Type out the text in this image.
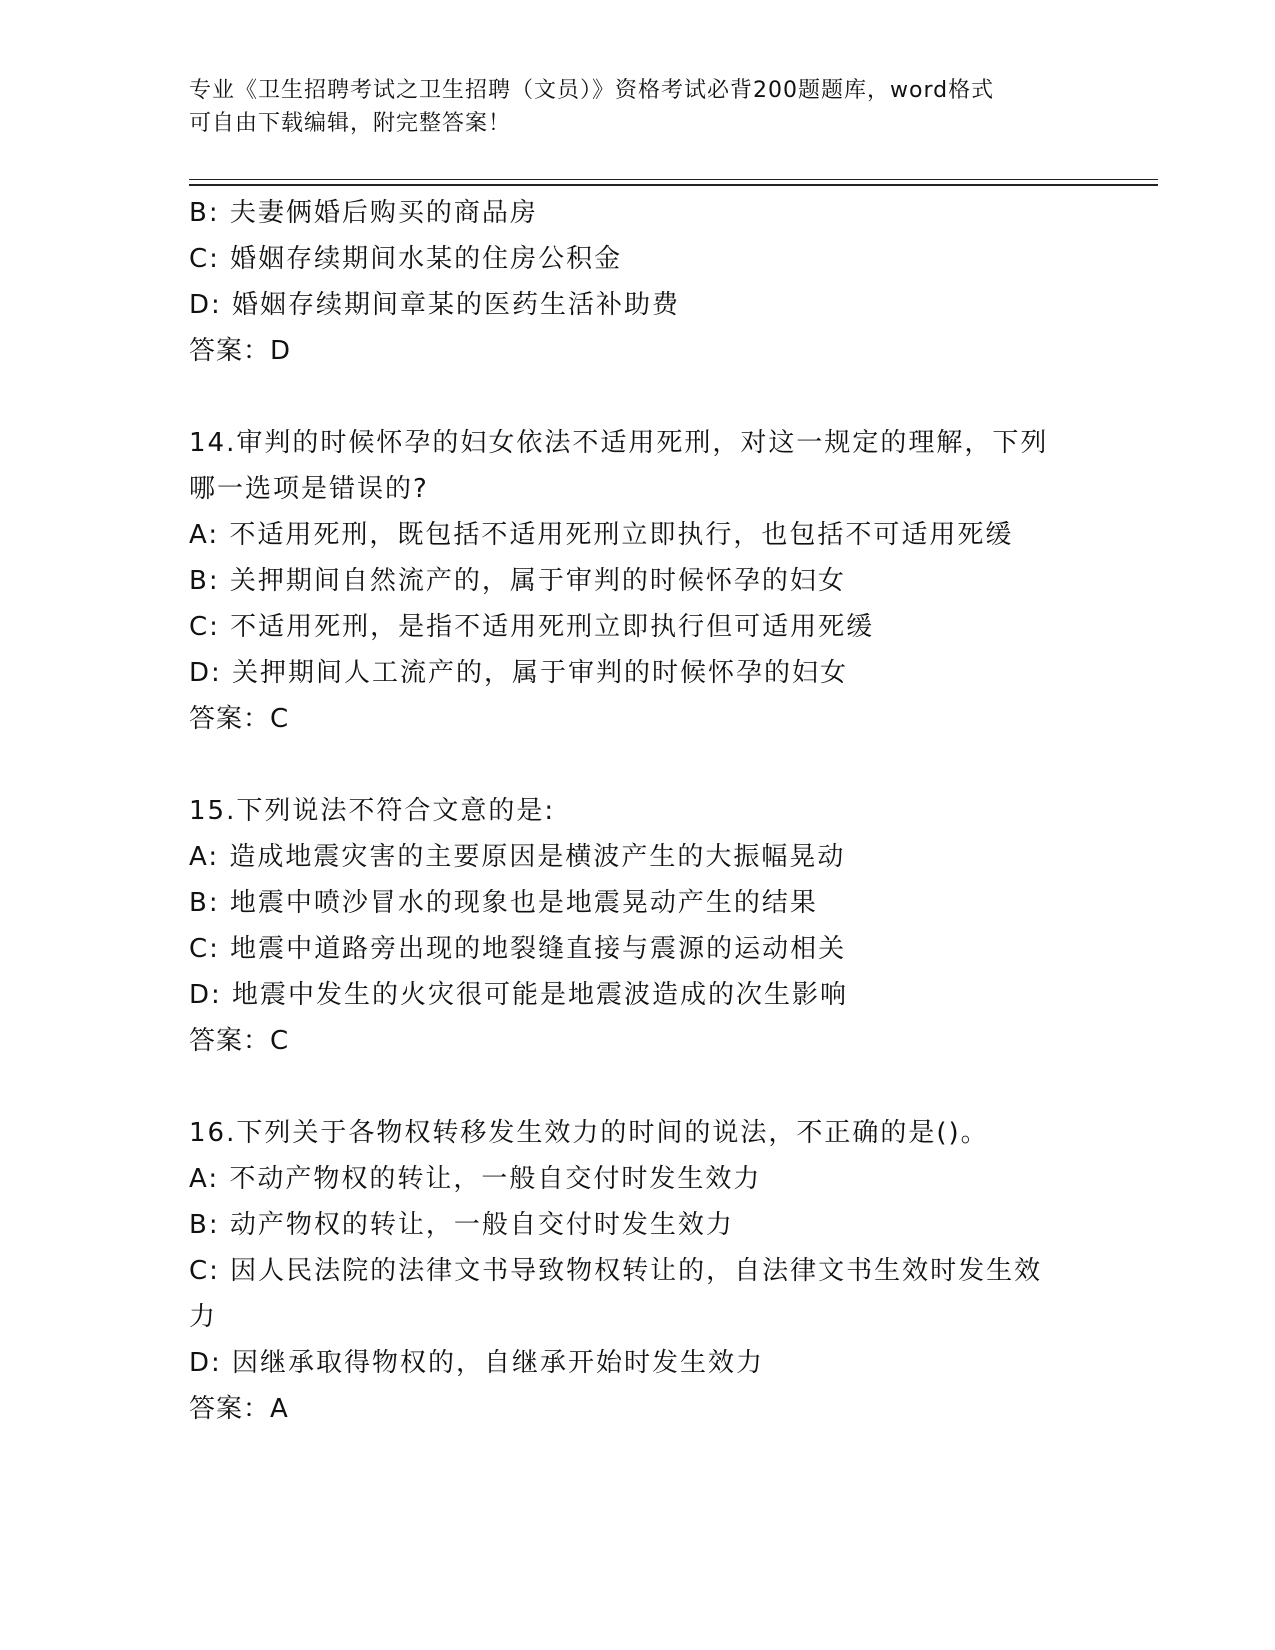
专业《卫生招聘考试之卫生招聘（文员）》资格考试必背200题题库，word格式
可自由下载编辑，附完整答案！
B: 夫妻俩婚后购买的商品房
C: 婚姻存续期间水某的住房公积金
D: 婚姻存续期间章某的医药生活补助费
答案：D
14.审判的时候怀孕的妇女依法不适用死刑，对这一规定的理解，下列
哪一选项是错误的?
A: 不适用死刑，既包括不适用死刑立即执行，也包括不可适用死缓
B: 关押期间自然流产的，属于审判的时候怀孕的妇女
C: 不适用死刑，是指不适用死刑立即执行但可适用死缓
D: 关押期间人工流产的，属于审判的时候怀孕的妇女
答案：C
15.下列说法不符合文意的是:
A: 造成地震灾害的主要原因是横波产生的大振幅晃动
B: 地震中喷沙冒水的现象也是地震晃动产生的结果
C: 地震中道路旁出现的地裂缝直接与震源的运动相关
D: 地震中发生的火灾很可能是地震波造成的次生影响
答案：C
16.下列关于各物权转移发生效力的时间的说法，不正确的是()。
A: 不动产物权的转让，一般自交付时发生效力
B: 动产物权的转让，一般自交付时发生效力
C: 因人民法院的法律文书导致物权转让的，自法律文书生效时发生效
力
D: 因继承取得物权的，自继承开始时发生效力
答案：A
